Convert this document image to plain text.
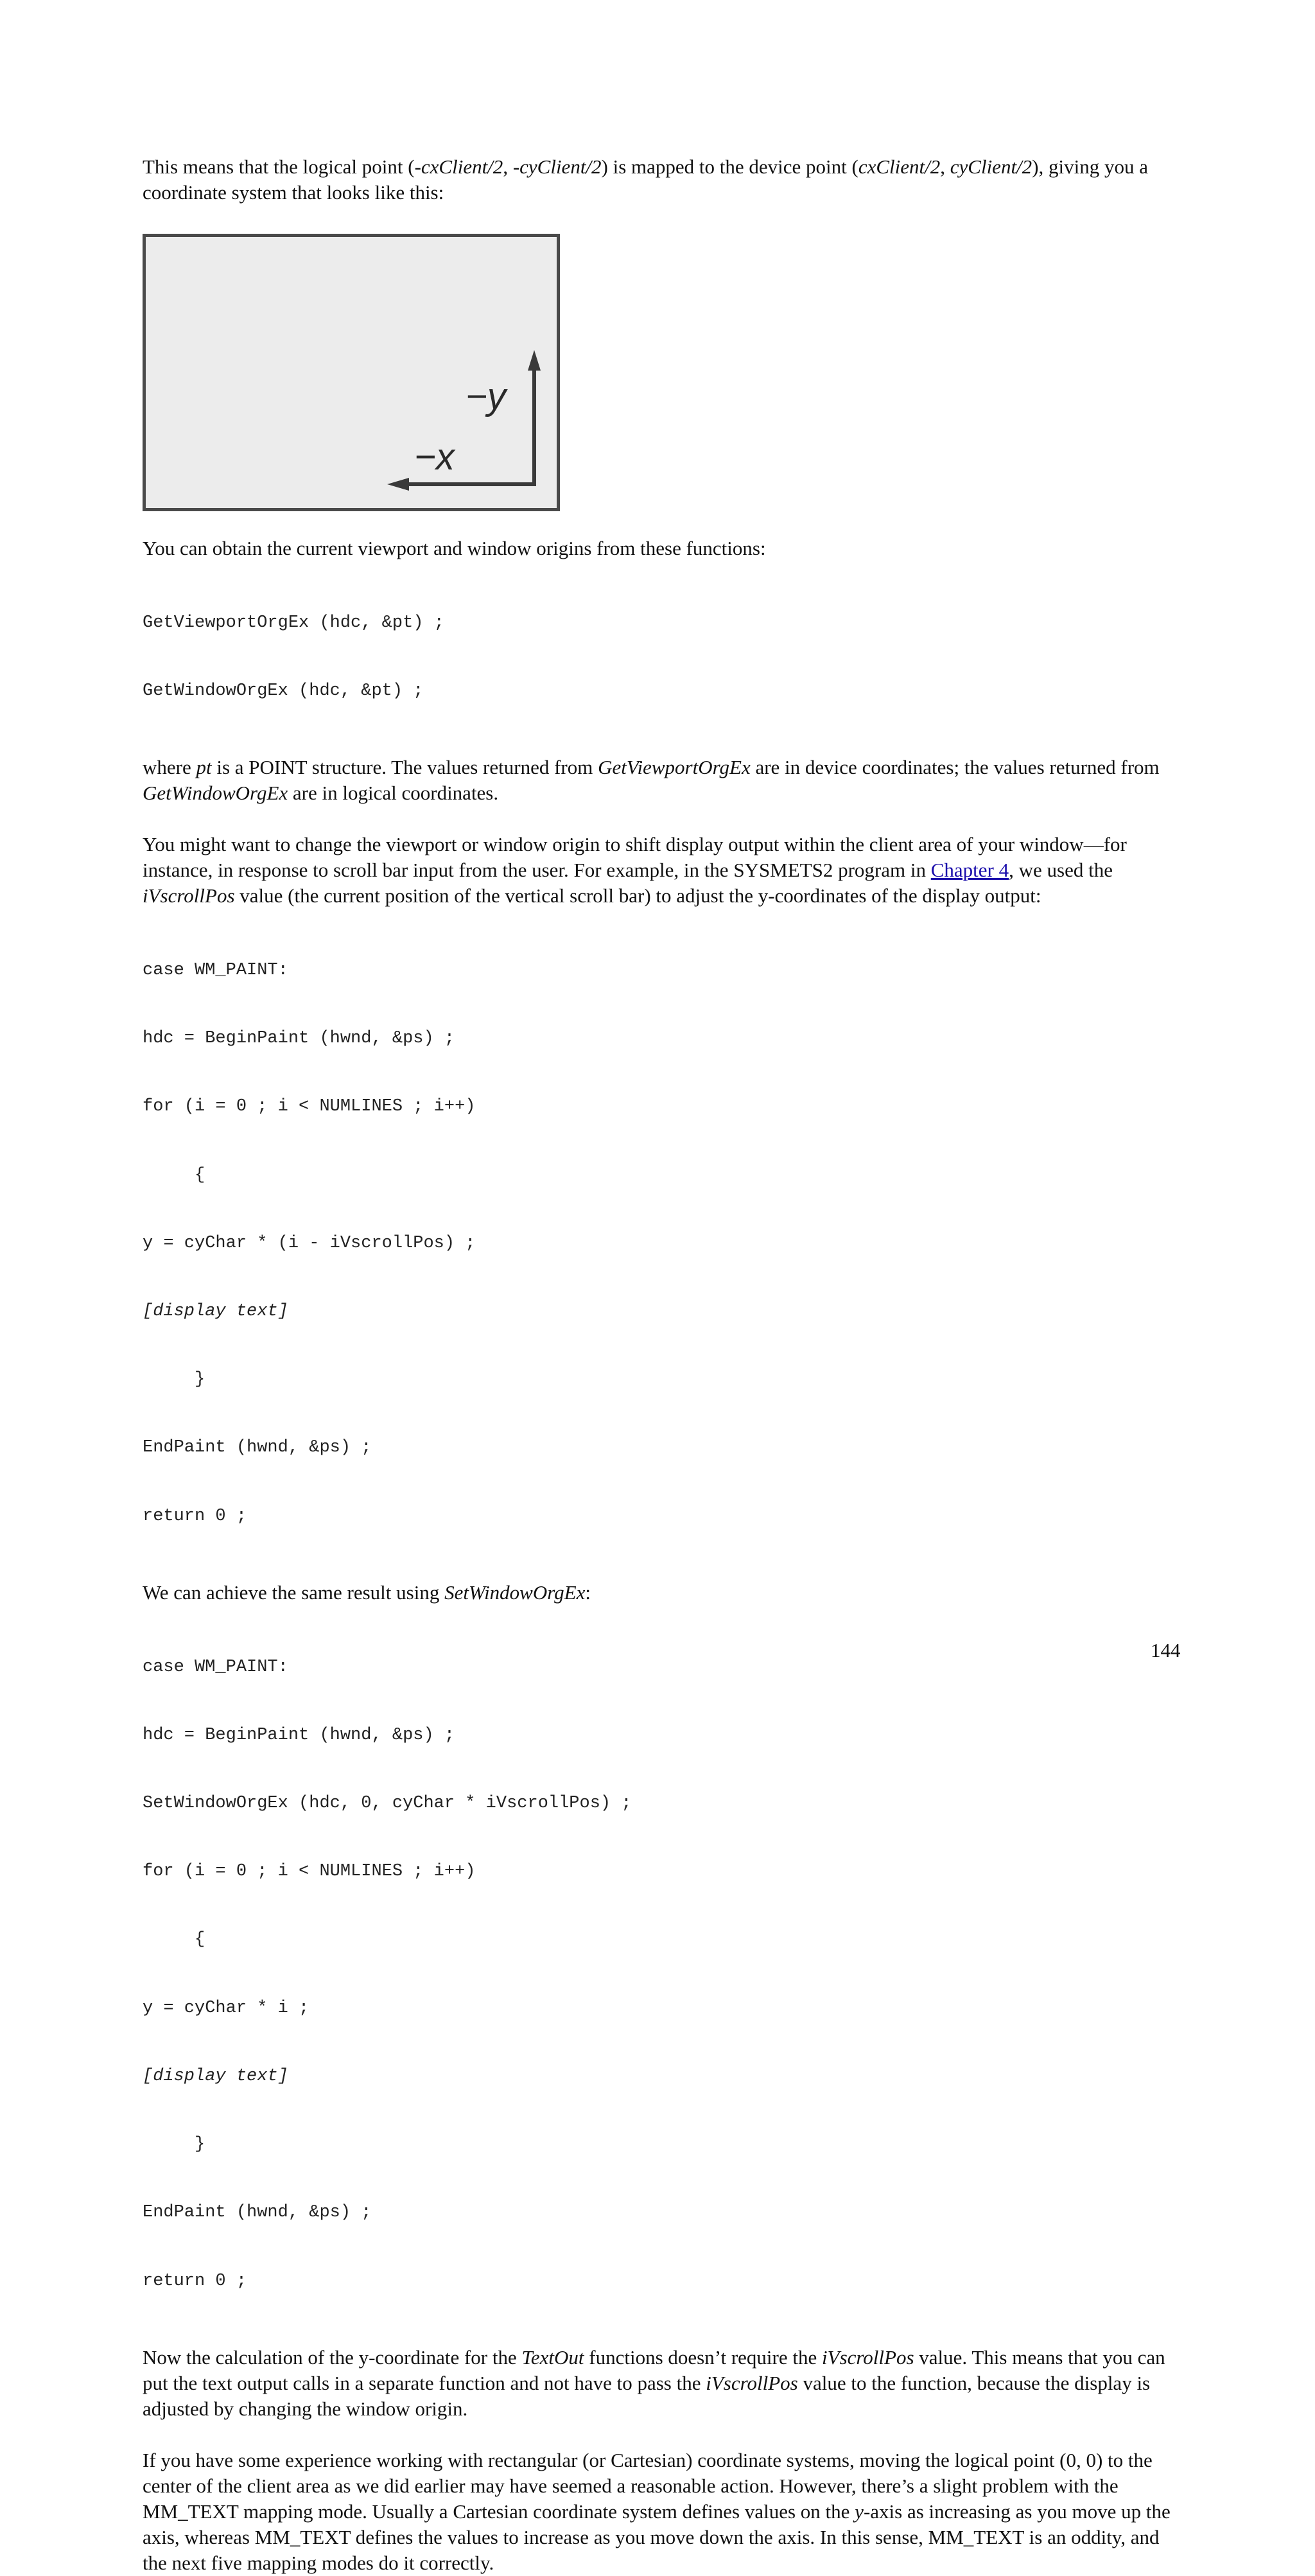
This means that the logical point (-cxClient/2, -cyClient/2) is mapped to the device point (cxClient/2, cyClient/2), giving you a coordinate system that looks like this:

−y
−x

You can obtain the current viewport and window origins from these functions:

GetViewportOrgEx (hdc, &pt) ;

GetWindowOrgEx (hdc, &pt) ;

where pt is a POINT structure. The values returned from GetViewportOrgEx are in device coordinates; the values returned from GetWindowOrgEx are in logical coordinates.

You might want to change the viewport or window origin to shift display output within the client area of your window—for instance, in response to scroll bar input from the user. For example, in the SYSMETS2 program in Chapter 4, we used the iVscrollPos value (the current position of the vertical scroll bar) to adjust the y-coordinates of the display output:

case WM_PAINT:

hdc = BeginPaint (hwnd, &ps) ;

for (i = 0 ; i < NUMLINES ; i++)

{

y = cyChar * (i - iVscrollPos) ;

[display text]

}

EndPaint (hwnd, &ps) ;

return 0 ;

We can achieve the same result using SetWindowOrgEx:

case WM_PAINT:

hdc = BeginPaint (hwnd, &ps) ;

SetWindowOrgEx (hdc, 0, cyChar * iVscrollPos) ;

for (i = 0 ; i < NUMLINES ; i++)

{

y = cyChar * i ;

[display text]

}

EndPaint (hwnd, &ps) ;

return 0 ;

Now the calculation of the y-coordinate for the TextOut functions doesn’t require the iVscrollPos value. This means that you can put the text output calls in a separate function and not have to pass the iVscrollPos value to the function, because the display is adjusted by changing the window origin.

If you have some experience working with rectangular (or Cartesian) coordinate systems, moving the logical point (0, 0) to the center of the client area as we did earlier may have seemed a reasonable action. However, there’s a slight problem with the MM_TEXT mapping mode. Usually a Cartesian coordinate system defines values on the y-axis as increasing as you move up the axis, whereas MM_TEXT defines the values to increase as you move down the axis. In this sense, MM_TEXT is an oddity, and the next five mapping modes do it correctly.

144
